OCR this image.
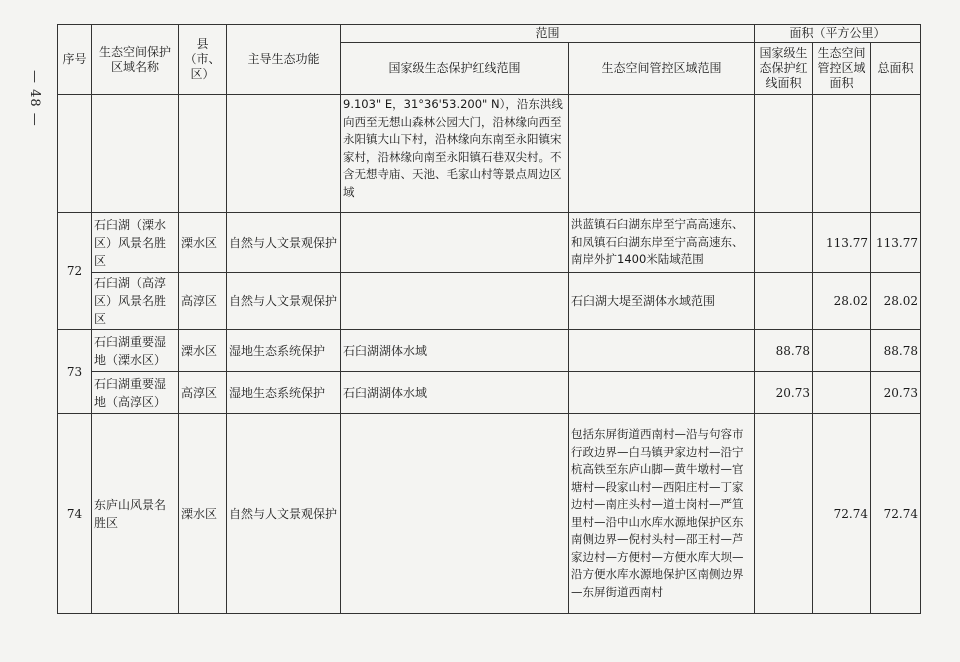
— 48 —
序号	生态空间保护区域名称	县（市、区）	主导生态功能	范围		面积（平方公里）		
				国家级生态保护红线范围	生态空间管控区域范围	国家级生态保护红线面积	生态空间管控区域面积	总面积
				9.103" E，31°36'53.200" N），沿东洪线向西至无想山森林公园大门，沿林缘向西至永阳镇大山下村，沿林缘向东南至永阳镇宋家村，沿林缘向南至永阳镇石巷双尖村。不含无想寺庙、天池、毛家山村等景点周边区域				
72	石臼湖（溧水区）风景名胜区	溧水区	自然与人文景观保护		洪蓝镇石臼湖东岸至宁高高速东、和凤镇石臼湖东岸至宁高高速东、南岸外扩1400米陆域范围		113.77	113.77
	石臼湖（高淳区）风景名胜区	高淳区	自然与人文景观保护		石臼湖大堤至湖体水域范围		28.02	28.02
73	石臼湖重要湿地（溧水区）	溧水区	湿地生态系统保护	石臼湖湖体水域		88.78		88.78
	石臼湖重要湿地（高淳区）	高淳区	湿地生态系统保护	石臼湖湖体水域		20.73		20.73
74	东庐山风景名胜区	溧水区	自然与人文景观保护		包括东屏街道西南村—沿与句容市行政边界—白马镇尹家边村—沿宁杭高铁至东庐山脚—黄牛墩村—官塘村—段家山村—西阳庄村—丁家边村—南庄头村—道士岗村—严笪里村—沿中山水库水源地保护区东南侧边界—倪村头村—邵王村—芦家边村—方便村—方便水库大坝—沿方便水库水源地保护区南侧边界—东屏街道西南村		72.74	72.74
